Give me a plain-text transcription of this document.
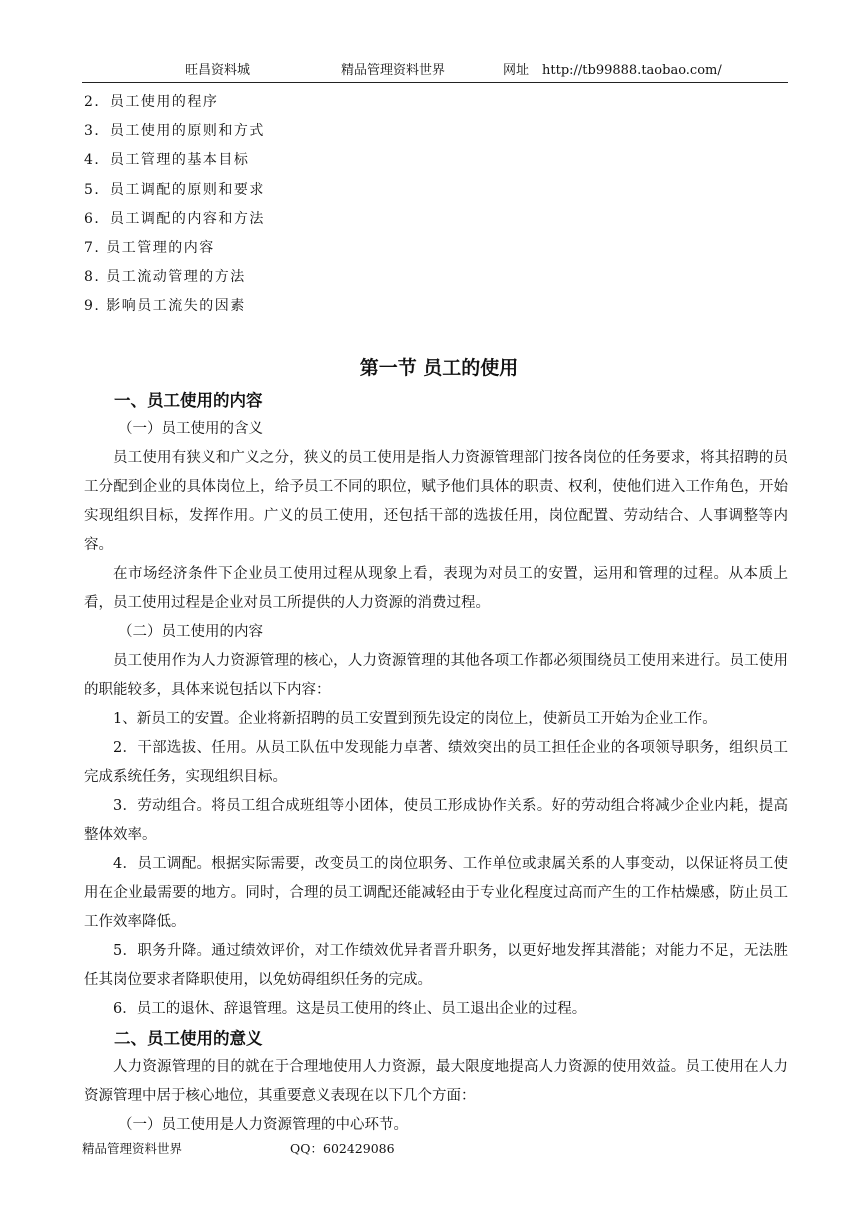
旺昌资料城	精品管理资料世界	网址 http://tb99888.taobao.com/
2．员工使用的程序
3．员工使用的原则和方式
4．员工管理的基本目标
5．员工调配的原则和要求
6．员工调配的内容和方法
7. 员工管理的内容
8. 员工流动管理的方法
9. 影响员工流失的因素
第一节 员工的使用
一、员工使用的内容
（一）员工使用的含义

员工使用有狭义和广义之分，狭义的员工使用是指人力资源管理部门按各岗位的任务要求，将其招聘的员工分配到企业的具体岗位上，给予员工不同的职位，赋予他们具体的职责、权利，使他们进入工作角色，开始实现组织目标，发挥作用。广义的员工使用，还包括干部的选拔任用，岗位配置、劳动结合、人事调整等内容。

在市场经济条件下企业员工使用过程从现象上看，表现为对员工的安置，运用和管理的过程。从本质上看，员工使用过程是企业对员工所提供的人力资源的消费过程。

（二）员工使用的内容

员工使用作为人力资源管理的核心，人力资源管理的其他各项工作都必须围绕员工使用来进行。员工使用的职能较多，具体来说包括以下内容：

1、新员工的安置。企业将新招聘的员工安置到预先设定的岗位上，使新员工开始为企业工作。

2．干部选拔、任用。从员工队伍中发现能力卓著、绩效突出的员工担任企业的各项领导职务，组织员工完成系统任务，实现组织目标。

3．劳动组合。将员工组合成班组等小团体，使员工形成协作关系。好的劳动组合将减少企业内耗，提高整体效率。

4．员工调配。根据实际需要，改变员工的岗位职务、工作单位或隶属关系的人事变动，以保证将员工使用在企业最需要的地方。同时，合理的员工调配还能减轻由于专业化程度过高而产生的工作枯燥感，防止员工工作效率降低。

5．职务升降。通过绩效评价，对工作绩效优异者晋升职务，以更好地发挥其潜能；对能力不足，无法胜任其岗位要求者降职使用，以免妨碍组织任务的完成。

6．员工的退休、辞退管理。这是员工使用的终止、员工退出企业的过程。

二、员工使用的意义

人力资源管理的目的就在于合理地使用人力资源，最大限度地提高人力资源的使用效益。员工使用在人力资源管理中居于核心地位，其重要意义表现在以下几个方面：

（一）员工使用是人力资源管理的中心环节。
精品管理资料世界	QQ：602429086
